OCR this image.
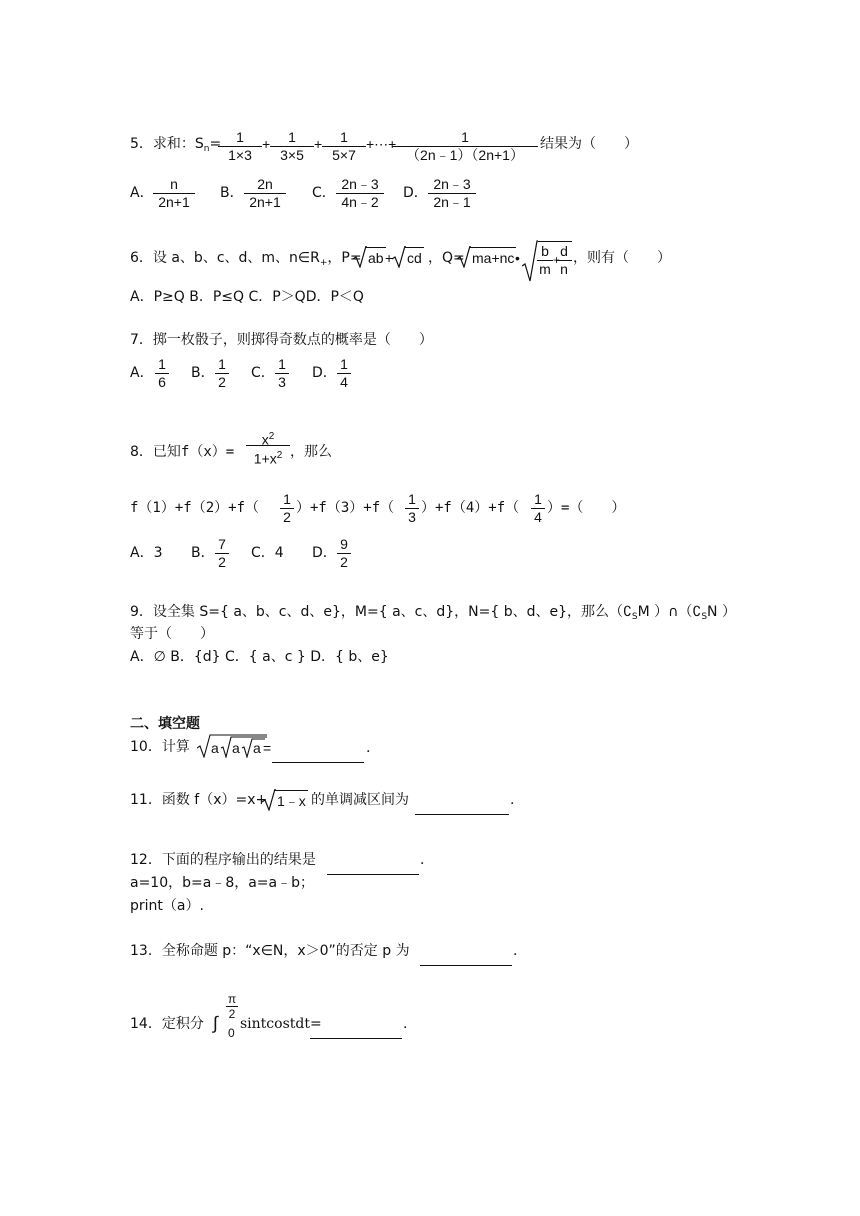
5．求和：$S_n=$	1
1×3
+	1
3×5
+	1
5×7
+⋯+	1
（2n﹣1）（2n+1）
结果为（　　）
A．
n
2n+1
B．
2n
2n+1
C．
2n﹣3
4n﹣2
D．
2n﹣3
2n﹣1
6．设 a、b、c、d、m、$n\in R_+$，P= ab + cd ，Q= ma+nc • b
m
+
d
n
，则有（　　）
A．P≥Q B．P≤Q C．P＞QD．P＜Q
7．掷一枚骰子，则掷得奇数点的概率是（　　）
A．
1
6
B．
1
2
C．
1
3
D．
1
4
8．已知f（x）=
$x^2$
$1+x^2$ ，那么
f（1）+f（2）+f（
1
2
）+f（3）+f（
1
3
）+f（4）+f（
1
4
）=（　　）
A．3 B．
7
2
C．4 D．
9
2
9．设全集 S={ a、b、c、d、e}，M={ a、c、d}，N={ b、d、e}，那么（$∁_SM$ ）$\cap(∁_SN$ ）
等于（　　）
A．∅ B．{d} C．{ a、c } D．{ b、e}
二、填空题
10．计算 a a a =	.
11．函数 f（x）=x+ 1﹣x 的单调减区间为	.
12．下面的程序输出的结果是	.
a=10，b=a﹣8，a=a﹣b；
print（a）.
13．全称命题 p：“x∈N，x＞0”的否定 p 为	.
14．定积分 ∫
π
2
0
sintcostdt=	.
